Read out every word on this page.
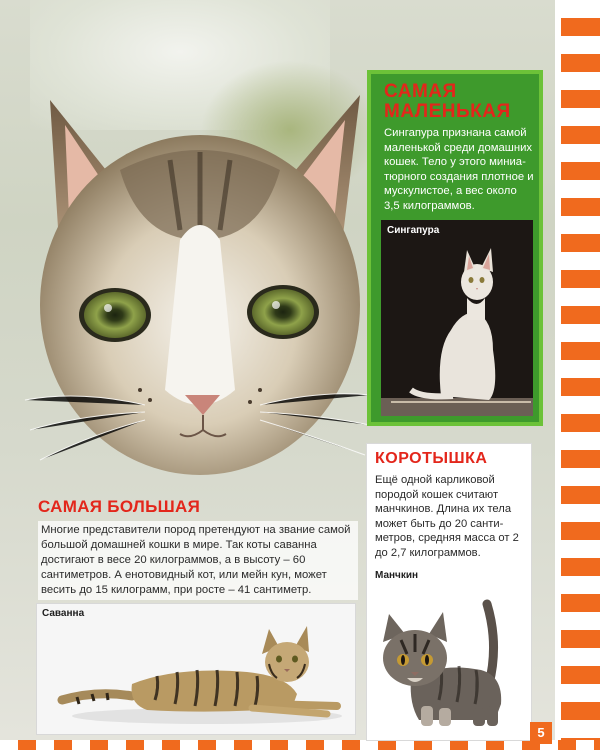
САМАЯ
МАЛЕНЬКАЯ
Сингапура признана самой маленькой среди домашних кошек. Тело у этого миниа-тюрного создания плотное и мускулистое, а вес около 3,5 килограммов.
Сингапура
САМАЯ БОЛЬШАЯ
Многие представители пород претендуют на звание самой большой домашней кошки в мире. Так коты саванна достигают в весе 20 килограммов, а в высоту – 60 сантиметров. А енотовидный кот, или мейн кун, может весить до 15 килограмм, при росте – 41 сантиметр.
Саванна
КОРОТЫШКА
Ещё одной карликовой породой кошек считают манчкинов. Длина их тела может быть до 20 санти-метров, средняя масса от 2 до 2,7 килограммов.
Манчкин
5
